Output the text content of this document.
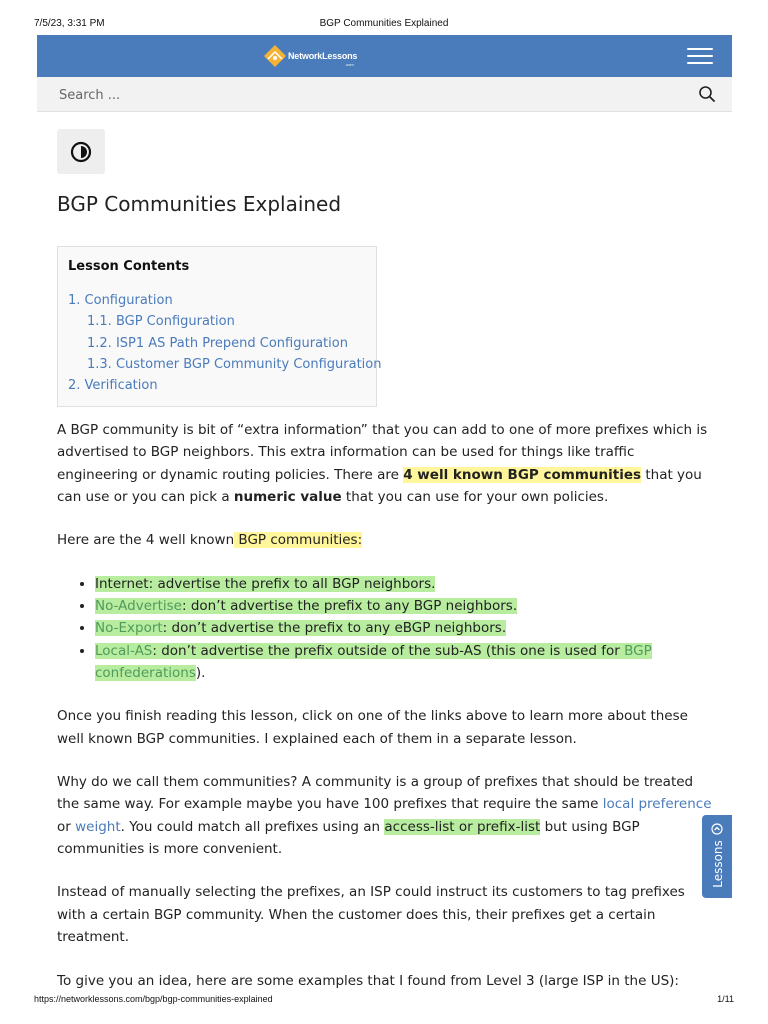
7/5/23, 3:31 PM	BGP Communities Explained
NetworkLessons
.com
Search ...
BGP Communities Explained
Lesson Contents
1. Configuration
1.1. BGP Configuration
1.2. ISP1 AS Path Prepend Configuration
1.3. Customer BGP Community Configuration
2. Verification

A BGP community is bit of “extra information” that you can add to one of more prefixes which is advertised to BGP neighbors. This extra information can be used for things like traffic engineering or dynamic routing policies. There are 4 well known BGP communities that you can use or you can pick a numeric value that you can use for your own policies.

Here are the 4 well known BGP communities:

• Internet: advertise the prefix to all BGP neighbors.
• No-Advertise: don’t advertise the prefix to any BGP neighbors.
• No-Export: don’t advertise the prefix to any eBGP neighbors.
• Local-AS: don’t advertise the prefix outside of the sub-AS (this one is used for BGP confederations).

Once you finish reading this lesson, click on one of the links above to learn more about these well known BGP communities. I explained each of them in a separate lesson.

Why do we call them communities? A community is a group of prefixes that should be treated the same way. For example maybe you have 100 prefixes that require the same local preference or weight. You could match all prefixes using an access-list or prefix-list but using BGP communities is more convenient.

Instead of manually selecting the prefixes, an ISP could instruct its customers to tag prefixes with a certain BGP community. When the customer does this, their prefixes get a certain treatment.

To give you an idea, here are some examples that I found from Level 3 (large ISP in the US):

Lessons
https://networklessons.com/bgp/bgp-communities-explained	1/11
